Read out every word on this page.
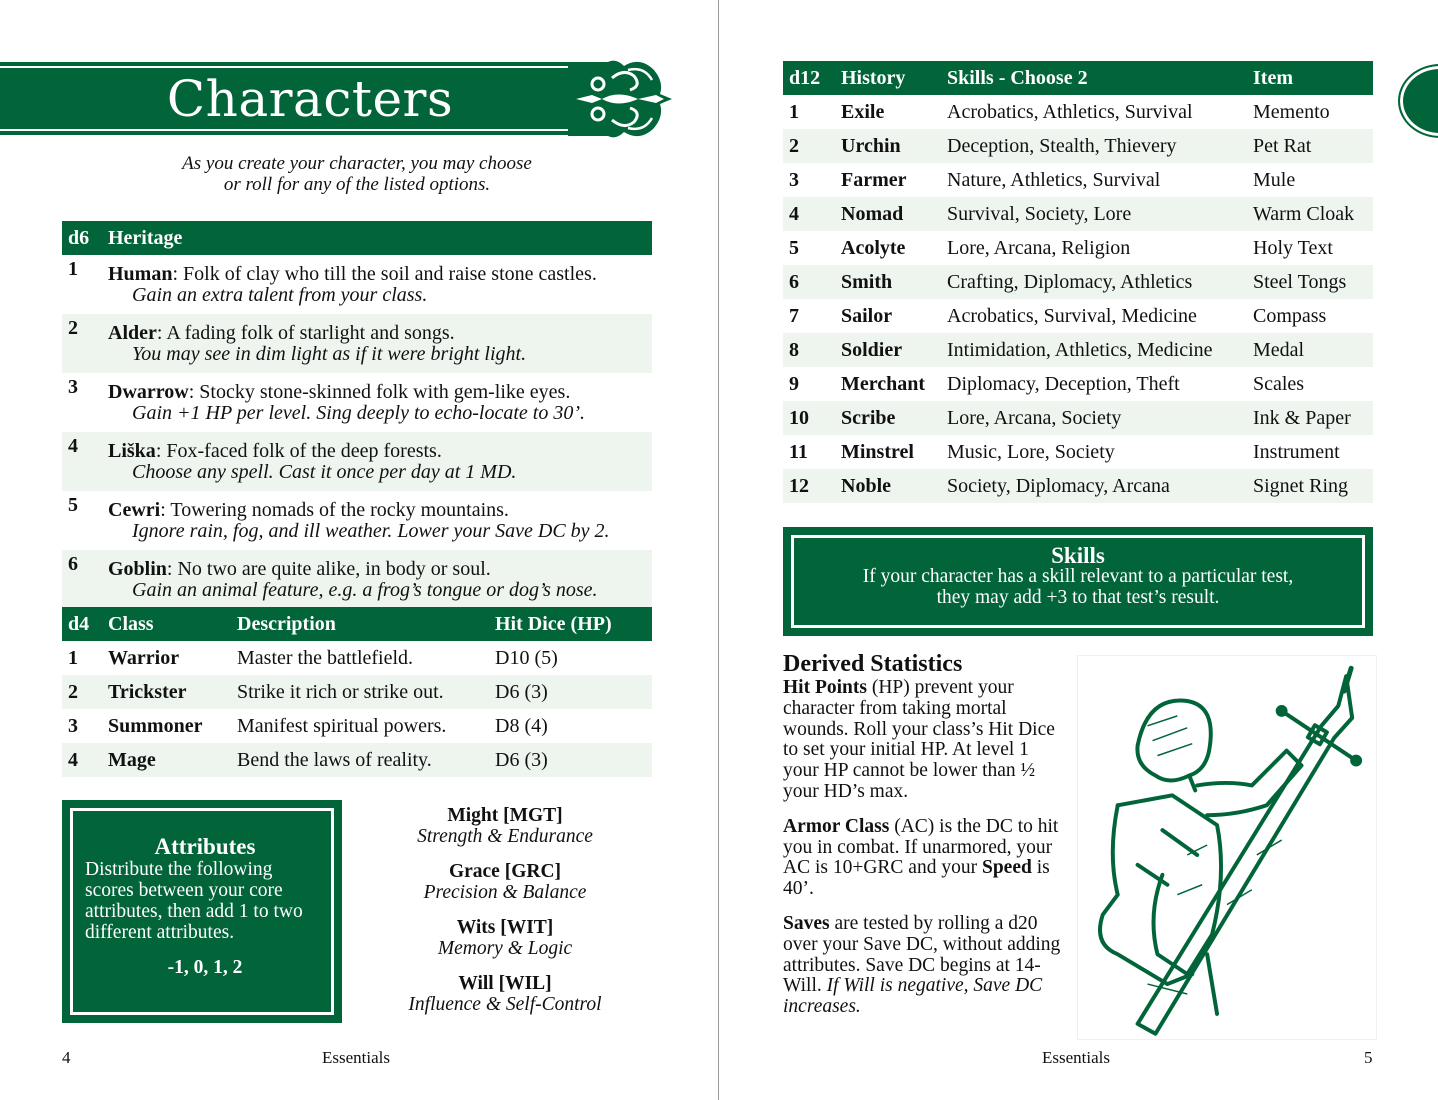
Characters
As you create your character, you may choose
or roll for any of the listed options.
d6	Heritage
1	Human: Folk of clay who till the soil and raise stone castles.
Gain an extra talent from your class.

2	Alder: A fading folk of starlight and songs.
You may see in dim light as if it were bright light.

3	Dwarrow: Stocky stone-skinned folk with gem-like eyes.
Gain +1 HP per level. Sing deeply to echo-locate to 30’.

4	Liška: Fox-faced folk of the deep forests.
Choose any spell. Cast it once per day at 1 MD.

5	Cewri: Towering nomads of the rocky mountains.
Ignore rain, fog, and ill weather. Lower your Save DC by 2.

6	Goblin: No two are quite alike, in body or soul.
Gain an animal feature, e.g. a frog’s tongue or dog’s nose.
d4	Class	Description	Hit Dice (HP)
1	Warrior	Master the battlefield.	D10 (5)
2	Trickster	Strike it rich or strike out.	D6 (3)
3	Summoner	Manifest spiritual powers.	D8 (4)
4	Mage	Bend the laws of reality.	D6 (3)
Attributes
Distribute the following scores between your core attributes, then add 1 to two different attributes.
-1, 0, 1, 2
Might [MGT]
Strength & Endurance
Grace [GRC]
Precision & Balance
Wits [WIT]
Memory & Logic
Will [WIL]
Influence & Self-Control
4	Essentials
d12	History	Skills - Choose 2	Item
1	Exile	Acrobatics, Athletics, Survival	Memento
2	Urchin	Deception, Stealth, Thievery	Pet Rat
3	Farmer	Nature, Athletics, Survival	Mule
4	Nomad	Survival, Society, Lore	Warm Cloak
5	Acolyte	Lore, Arcana, Religion	Holy Text
6	Smith	Crafting, Diplomacy, Athletics	Steel Tongs
7	Sailor	Acrobatics, Survival, Medicine	Compass
8	Soldier	Intimidation, Athletics, Medicine	Medal
9	Merchant	Diplomacy, Deception, Theft	Scales
10	Scribe	Lore, Arcana, Society	Ink & Paper
11	Minstrel	Music, Lore, Society	Instrument
12	Noble	Society, Diplomacy, Arcana	Signet Ring
Skills
If your character has a skill relevant to a particular test,
they may add +3 to that test’s result.
Derived Statistics

Hit Points (HP) prevent your character from taking mortal wounds. Roll your class’s Hit Dice to set your initial HP. At level 1 your HP cannot be lower than ½ your HD’s max.

Armor Class (AC) is the DC to hit you in combat. If unarmored, your AC is 10+GRC and your Speed is 40’.

Saves are tested by rolling a d20 over your Save DC, without adding attributes. Save DC begins at 14-Will. If Will is negative, Save DC increases.

Essentials	5
